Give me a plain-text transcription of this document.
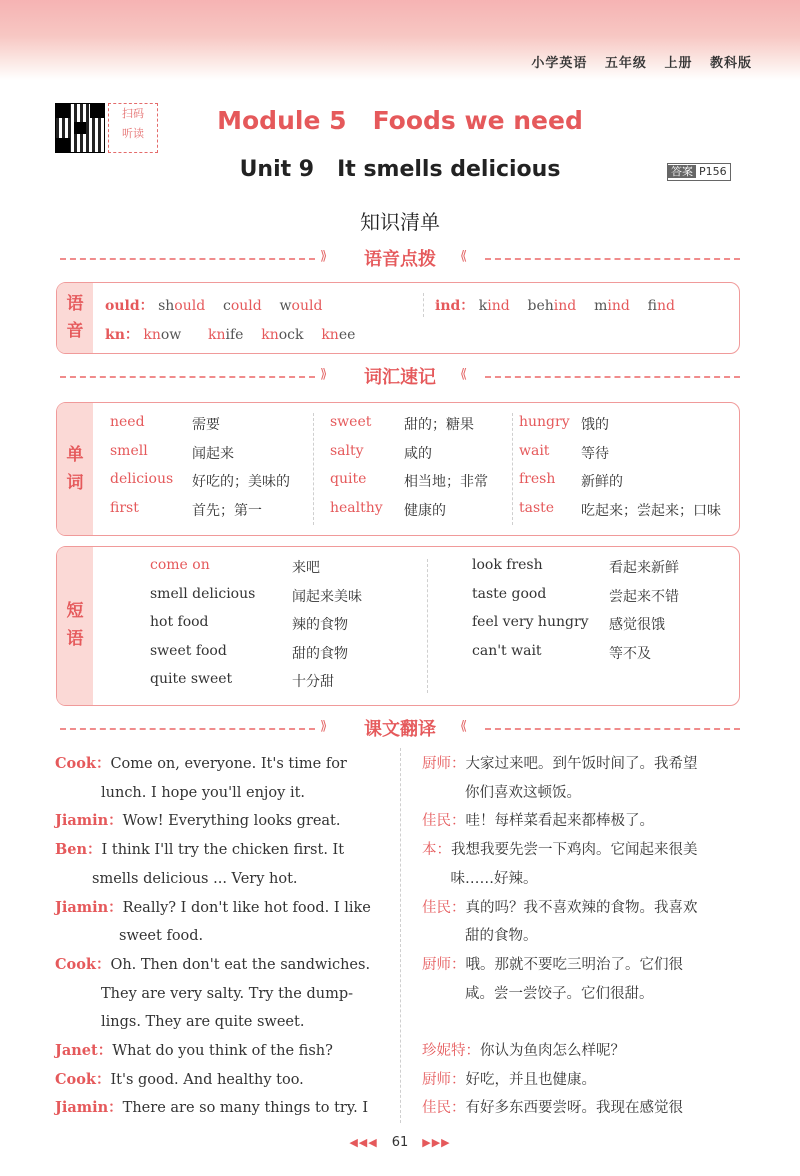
小学英语 五年级 上册 教科版
扫码
听读	Module 5   Foods we need
Unit 9   It smells delicious	答案 P156
知识清单
⟫	语音点拨	⟪
语
音
ould： should could would
kn： know knife knock knee
ind： kind behind mind find
⟫	词汇速记	⟪
单
词
need	需要
smell	闻起来
delicious 好吃的；美味的
first	首先；第一
sweet 甜的；糖果
salty	咸的
quite	相当地；非常
healthy 健康的
hungry 饿的
wait 等待
fresh 新鲜的
taste 吃起来；尝起来；口味
短
语
come on	来吧
smell delicious	闻起来美味
hot food	辣的食物
sweet food	甜的食物
quite sweet	十分甜
look fresh	看起来新鲜
taste good	尝起来不错
feel very hungry 感觉很饿
can't wait	等不及
⟫	课文翻译	⟪
Cook：Come on, everyone. It's time for
lunch. I hope you'll enjoy it.
Jiamin：Wow! Everything looks great.
Ben：I think I'll try the chicken first. It
smells delicious ... Very hot.
Jiamin：Really? I don't like hot food. I like
sweet food.
Cook：Oh. Then don't eat the sandwiches.
They are very salty. Try the dump-
lings. They are quite sweet.
Janet：What do you think of the fish?
Cook：It's good. And healthy too.
Jiamin：There are so many things to try. I
厨师：大家过来吧。到午饭时间了。我希望
你们喜欢这顿饭。
佳民：哇！每样菜看起来都棒极了。
本：我想我要先尝一下鸡肉。它闻起来很美
味……好辣。
佳民：真的吗？我不喜欢辣的食物。我喜欢
甜的食物。
厨师：哦。那就不要吃三明治了。它们很
咸。尝一尝饺子。它们很甜。
珍妮特：你认为鱼肉怎么样呢？
厨师：好吃，并且也健康。
佳民：有好多东西要尝呀。我现在感觉很
◀◀◀ 61 ▶▶▶
